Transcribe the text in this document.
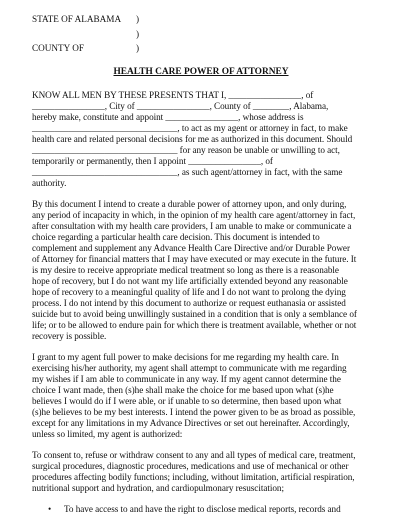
STATE OF ALABAMA )
)
COUNTY OF	)
HEALTH CARE POWER OF ATTORNEY
KNOW ALL MEN BY THESE PRESENTS THAT I, ________________, of
________________, City of ________________, County of ________, Alabama,
hereby make, constitute and appoint ________________, whose address is
________________________________, to act as my agent or attorney in fact, to make
health care and related personal decisions for me as authorized in this document. Should
________________________________ for any reason be unable or unwilling to act,
temporarily or permanently, then I appoint ________________, of
________________________________, as such agent/attorney in fact, with the same
authority.
By this document I intend to create a durable power of attorney upon, and only during,
any period of incapacity in which, in the opinion of my health care agent/attorney in fact,
after consultation with my health care providers, I am unable to make or communicate a
choice regarding a particular health care decision. This document is intended to
complement and supplement any Advance Health Care Directive and/or Durable Power
of Attorney for financial matters that I may have executed or may execute in the future. It
is my desire to receive appropriate medical treatment so long as there is a reasonable
hope of recovery, but I do not want my life artificially extended beyond any reasonable
hope of recovery to a meaningful quality of life and I do not want to prolong the dying
process. I do not intend by this document to authorize or request euthanasia or assisted
suicide but to avoid being unwillingly sustained in a condition that is only a semblance of
life; or to be allowed to endure pain for which there is treatment available, whether or not
recovery is possible.
I grant to my agent full power to make decisions for me regarding my health care. In
exercising his/her authority, my agent shall attempt to communicate with me regarding
my wishes if I am able to communicate in any way. If my agent cannot determine the
choice I want made, then (s)he shall make the choice for me based upon what (s)he
believes I would do if I were able, or if unable to so determine, then based upon what
(s)he believes to be my best interests. I intend the power given to be as broad as possible,
except for any limitations in my Advance Directives or set out hereinafter. Accordingly,
unless so limited, my agent is authorized:
To consent to, refuse or withdraw consent to any and all types of medical care, treatment,
surgical procedures, diagnostic procedures, medications and use of mechanical or other
procedures affecting bodily functions; including, without limitation, artificial respiration,
nutritional support and hydration, and cardiopulmonary resuscitation;
• To have access to and have the right to disclose medical reports, records and
